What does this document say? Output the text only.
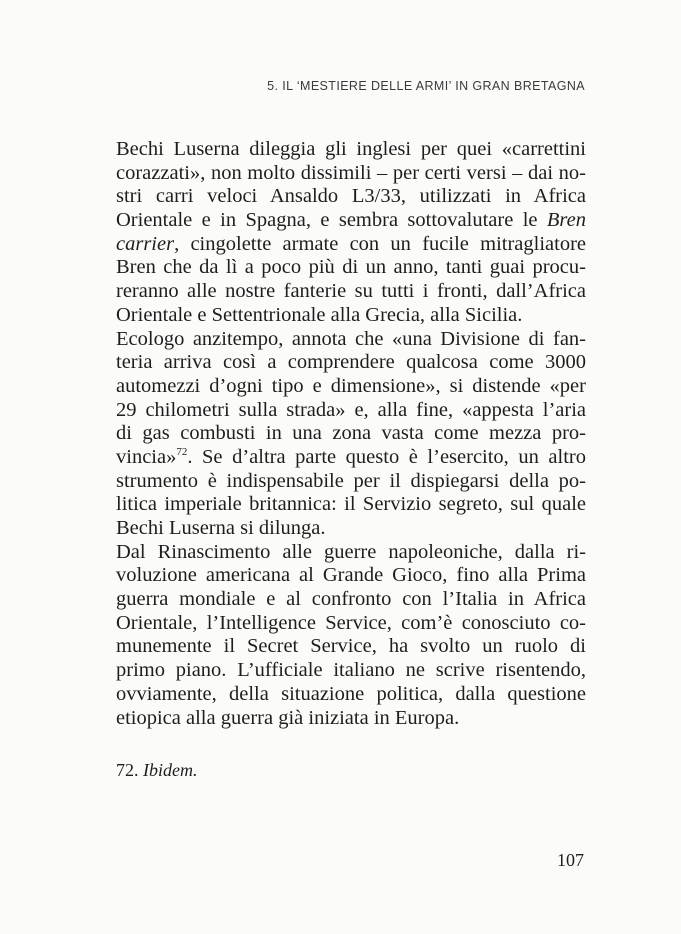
5. IL ‘MESTIERE DELLE ARMI’ IN GRAN BRETAGNA
Bechi Luserna dileggia gli inglesi per quei «carrettini
corazzati», non molto dissimili – per certi versi – dai no-
stri carri veloci Ansaldo L3/33, utilizzati in Africa
Orientale e in Spagna, e sembra sottovalutare le Bren
carrier, cingolette armate con un fucile mitragliatore
Bren che da lì a poco più di un anno, tanti guai procu-
reranno alle nostre fanterie su tutti i fronti, dall’Africa
Orientale e Settentrionale alla Grecia, alla Sicilia.
Ecologo anzitempo, annota che «una Divisione di fan-
teria arriva così a comprendere qualcosa come 3000
automezzi d’ogni tipo e dimensione», si distende «per
29 chilometri sulla strada» e, alla fine, «appesta l’aria
di gas combusti in una zona vasta come mezza pro-
vincia»$^{72}$. Se d’altra parte questo è l’esercito, un altro
strumento è indispensabile per il dispiegarsi della po-
litica imperiale britannica: il Servizio segreto, sul quale
Bechi Luserna si dilunga.
Dal Rinascimento alle guerre napoleoniche, dalla ri-
voluzione americana al Grande Gioco, fino alla Prima
guerra mondiale e al confronto con l’Italia in Africa
Orientale, l’Intelligence Service, com’è conosciuto co-
munemente il Secret Service, ha svolto un ruolo di
primo piano. L’ufficiale italiano ne scrive risentendo,
ovviamente, della situazione politica, dalla questione
etiopica alla guerra già iniziata in Europa.
72. Ibidem.
107
